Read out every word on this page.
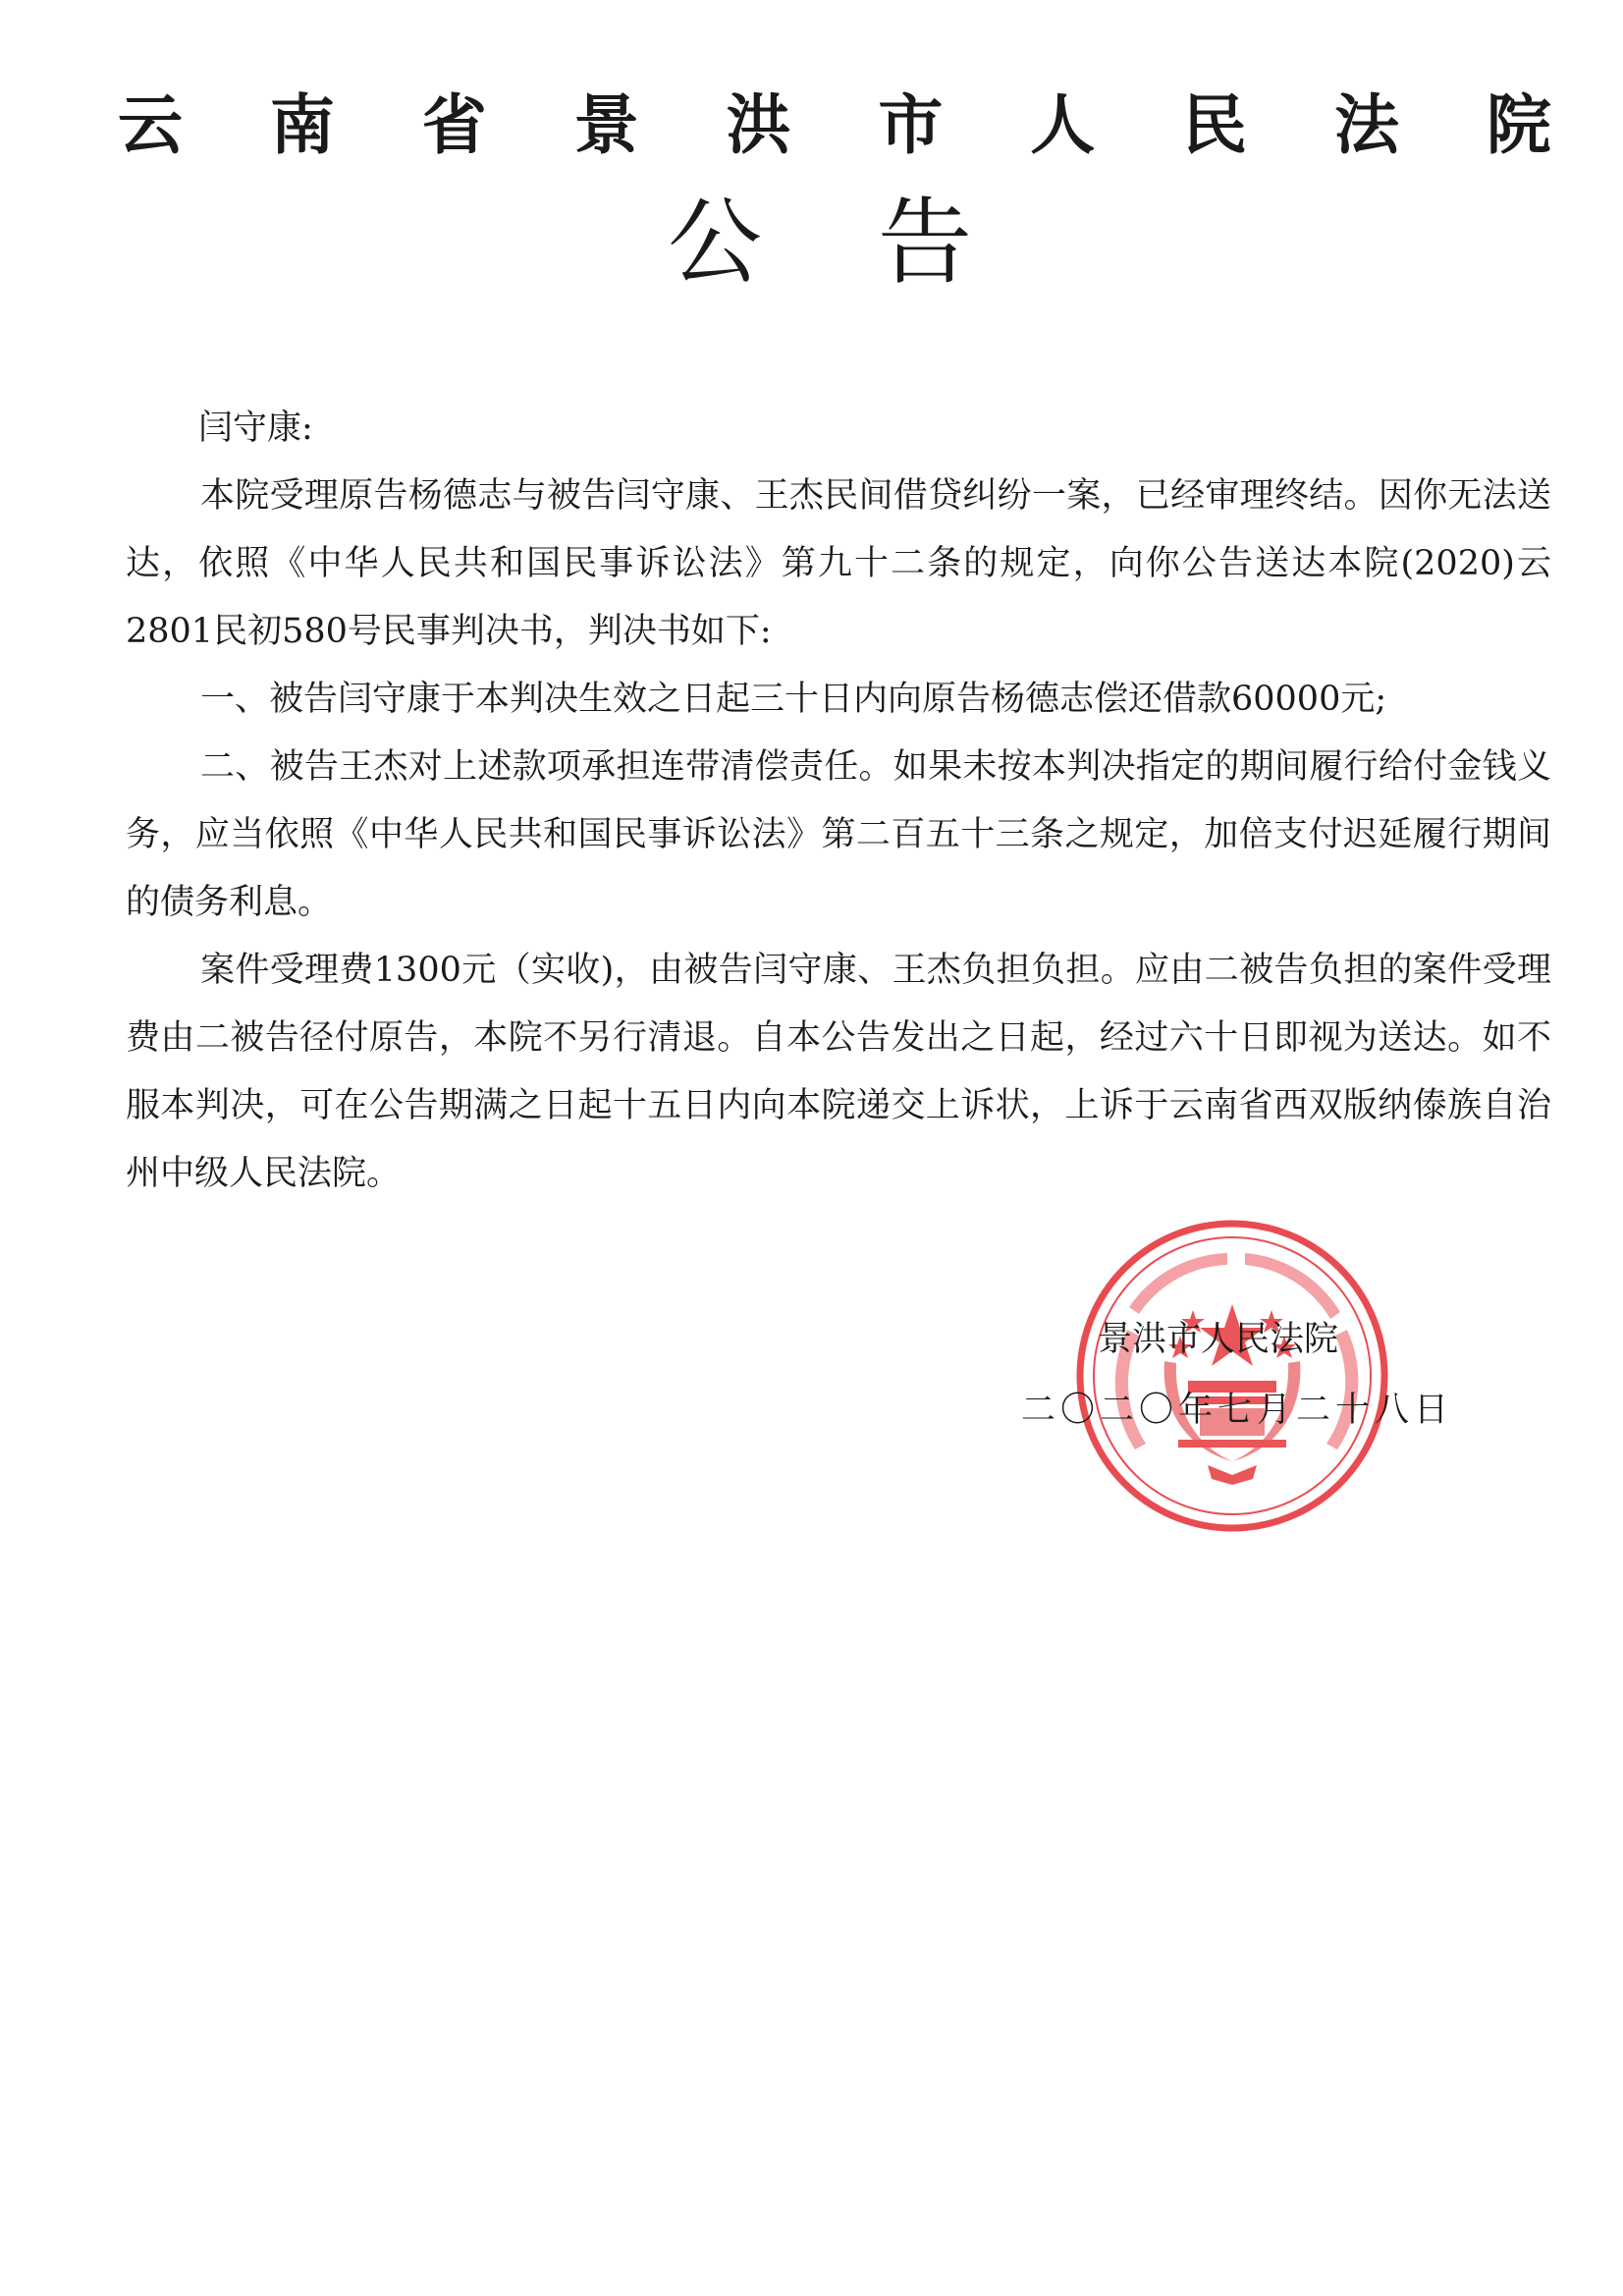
云 南 省 景 洪 市 人 民 法 院
公告

闫守康:

本院受理原告杨德志与被告闫守康、王杰民间借贷纠纷一案，已经审理终结。因你无法送达，依照《中华人民共和国民事诉讼法》第九十二条的规定，向你公告送达本院(2020)云2801民初580号民事判决书，判决书如下:

一、被告闫守康于本判决生效之日起三十日内向原告杨德志偿还借款60000元;

二、被告王杰对上述款项承担连带清偿责任。如果未按本判决指定的期间履行给付金钱义务，应当依照《中华人民共和国民事诉讼法》第二百五十三条之规定，加倍支付迟延履行期间的债务利息。

案件受理费1300元（实收)，由被告闫守康、王杰负担负担。应由二被告负担的案件受理费由二被告径付原告，本院不另行清退。自本公告发出之日起，经过六十日即视为送达。如不服本判决，可在公告期满之日起十五日内向本院递交上诉状，上诉于云南省西双版纳傣族自治州中级人民法院。

景洪市人民法院
二〇二〇年七月二十八日
